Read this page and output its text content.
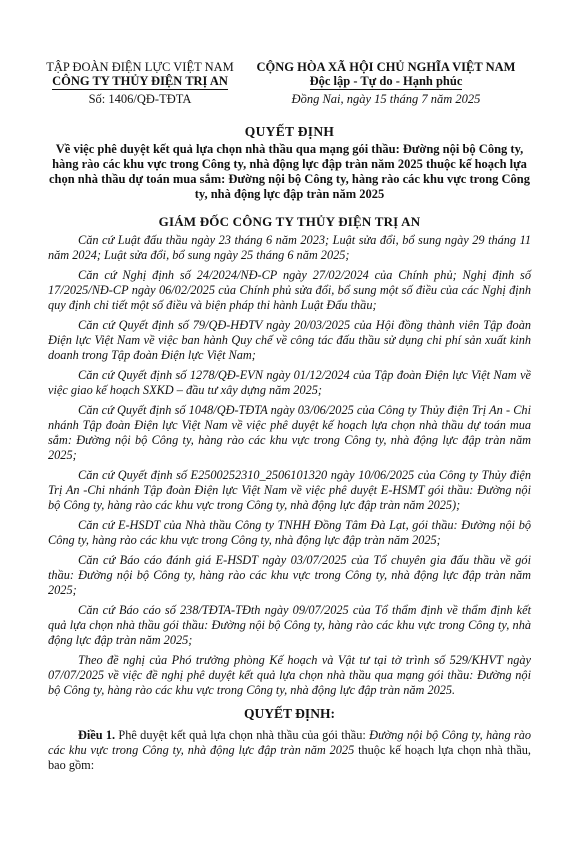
TẬP ĐOÀN ĐIỆN LỰC VIỆT NAM
CÔNG TY THỦY ĐIỆN TRỊ AN
Số: 1406/QĐ-TĐTA
CỘNG HÒA XÃ HỘI CHỦ NGHĨA VIỆT NAM
Độc lập - Tự do - Hạnh phúc
Đồng Nai, ngày 15 tháng 7 năm 2025
QUYẾT ĐỊNH
Về việc phê duyệt kết quả lựa chọn nhà thầu qua mạng gói thầu: Đường nội bộ Công ty, hàng rào các khu vực trong Công ty, nhà động lực đập tràn năm 2025 thuộc kế hoạch lựa chọn nhà thầu dự toán mua sắm: Đường nội bộ Công ty, hàng rào các khu vực trong Công ty, nhà động lực đập tràn năm 2025
GIÁM ĐỐC CÔNG TY THỦY ĐIỆN TRỊ AN

Căn cứ Luật đấu thầu ngày 23 tháng 6 năm 2023; Luật sửa đổi, bổ sung ngày 29 tháng 11 năm 2024; Luật sửa đổi, bổ sung ngày 25 tháng 6 năm 2025;

Căn cứ Nghị định số 24/2024/NĐ-CP ngày 27/02/2024 của Chính phủ; Nghị định số 17/2025/NĐ-CP ngày 06/02/2025 của Chính phủ sửa đổi, bổ sung một số điều của các Nghị định quy định chi tiết một số điều và biện pháp thi hành Luật Đấu thầu;

Căn cứ Quyết định số 79/QĐ-HĐTV ngày 20/03/2025 của Hội đồng thành viên Tập đoàn Điện lực Việt Nam về việc ban hành Quy chế về công tác đấu thầu sử dụng chi phí sản xuất kinh doanh trong Tập đoàn Điện lực Việt Nam;

Căn cứ Quyết định số 1278/QĐ-EVN ngày 01/12/2024 của Tập đoàn Điện lực Việt Nam về việc giao kế hoạch SXKD – đầu tư xây dựng năm 2025;

Căn cứ Quyết định số 1048/QĐ-TĐTA ngày 03/06/2025 của Công ty Thủy điện Trị An - Chi nhánh Tập đoàn Điện lực Việt Nam về việc phê duyệt kế hoạch lựa chọn nhà thầu dự toán mua sắm: Đường nội bộ Công ty, hàng rào các khu vực trong Công ty, nhà động lực đập tràn năm 2025;

Căn cứ Quyết định số E2500252310_2506101320 ngày 10/06/2025 của Công ty Thủy điện Trị An -Chi nhánh Tập đoàn Điện lực Việt Nam về việc phê duyệt E-HSMT gói thầu: Đường nội bộ Công ty, hàng rào các khu vực trong Công ty, nhà động lực đập tràn năm 2025);

Căn cứ E-HSDT của Nhà thầu Công ty TNHH Đồng Tâm Đà Lạt, gói thầu: Đường nội bộ Công ty, hàng rào các khu vực trong Công ty, nhà động lực đập tràn năm 2025;

Căn cứ Báo cáo đánh giá E-HSDT ngày 03/07/2025 của Tổ chuyên gia đấu thầu về gói thầu: Đường nội bộ Công ty, hàng rào các khu vực trong Công ty, nhà động lực đập tràn năm 2025;

Căn cứ Báo cáo số 238/TĐTA-TĐth ngày 09/07/2025 của Tổ thẩm định về thẩm định kết quả lựa chọn nhà thầu gói thầu: Đường nội bộ Công ty, hàng rào các khu vực trong Công ty, nhà động lực đập tràn năm 2025;

Theo đề nghị của Phó trưởng phòng Kế hoạch và Vật tư tại tờ trình số 529/KHVT ngày 07/07/2025 về việc đề nghị phê duyệt kết quả lựa chọn nhà thầu qua mạng gói thầu: Đường nội bộ Công ty, hàng rào các khu vực trong Công ty, nhà động lực đập tràn năm 2025.

QUYẾT ĐỊNH:

Điều 1. Phê duyệt kết quả lựa chọn nhà thầu của gói thầu: Đường nội bộ Công ty, hàng rào các khu vực trong Công ty, nhà động lực đập tràn năm 2025 thuộc kế hoạch lựa chọn nhà thầu, bao gồm:
